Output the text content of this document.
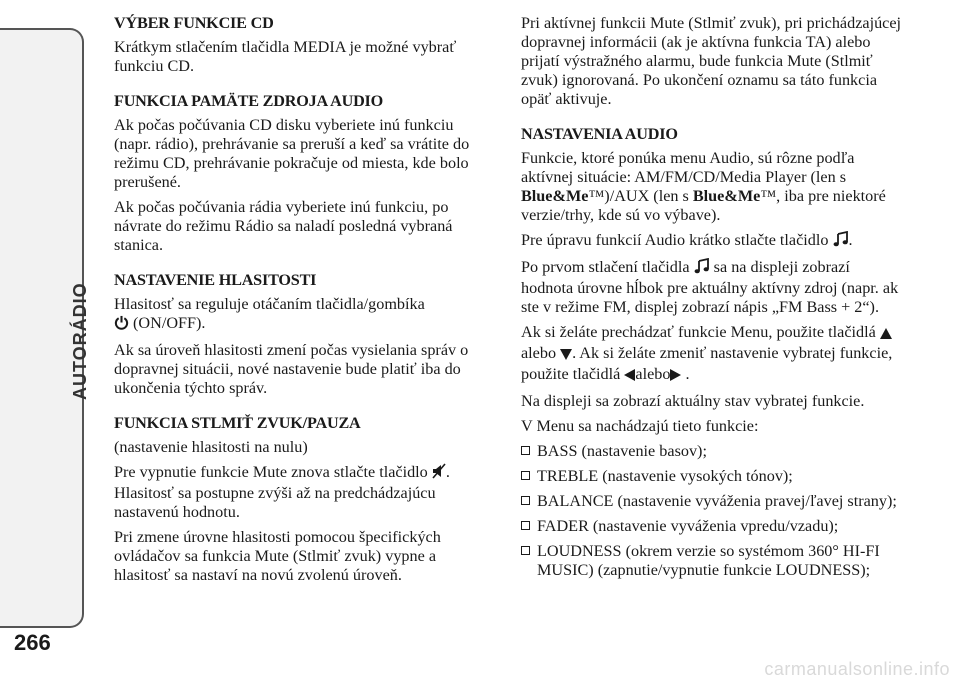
AUTORÁDIO
266
VÝBER FUNKCIE CD

Krátkym stlačením tlačidla MEDIA je možné vybrať funkciu CD.

FUNKCIA PAMÄTE ZDROJA AUDIO

Ak počas počúvania CD disku vyberiete inú funkciu (napr. rádio), prehrávanie sa preruší a keď sa vrátite do režimu CD, prehrávanie pokračuje od miesta, kde bolo prerušené.

Ak počas počúvania rádia vyberiete inú funkciu, po návrate do režimu Rádio sa naladí posledná vybraná stanica.

NASTAVENIE HLASITOSTI

Hlasitosť sa reguluje otáčaním tlačidla/gombíka
(ON/OFF).

Ak sa úroveň hlasitosti zmení počas vysielania správ o dopravnej situácii, nové nastavenie bude platiť iba do ukončenia týchto správ.

FUNKCIA STLMIŤ ZVUK/PAUZA

(nastavenie hlasitosti na nulu)

Pre vypnutie funkcie Mute znova stlačte tlačidlo . Hlasitosť sa postupne zvýši až na predchádzajúcu nastavenú hodnotu.

Pri zmene úrovne hlasitosti pomocou špecifických ovládačov sa funkcia Mute (Stlmiť zvuk) vypne a hlasitosť sa nastaví na novú zvolenú úroveň.

Pri aktívnej funkcii Mute (Stlmiť zvuk), pri prichádzajúcej dopravnej informácii (ak je aktívna funkcia TA) alebo prijatí výstražného alarmu, bude funkcia Mute (Stlmiť zvuk) ignorovaná. Po ukončení oznamu sa táto funkcia opäť aktivuje.

NASTAVENIA AUDIO

Funkcie, ktoré ponúka menu Audio, sú rôzne podľa aktívnej situácie: AM/FM/CD/Media Player (len s
Blue&Me™)/AUX (len s Blue&Me™, iba pre niektoré verzie/trhy, kde sú vo výbave).

Pre úpravu funkcií Audio krátko stlačte tlačidlo .

Po prvom stlačení tlačidla sa na displeji zobrazí hodnota úrovne hĺbok pre aktuálny aktívny zdroj (napr. ak ste v režime FM, displej zobrazí nápis „FM Bass + 2“).

Ak si želáte prechádzať funkcie Menu, použite tlačidlá alebo . Ak si želáte zmeniť nastavenie vybratej funkcie, použite tlačidlá alebo .

Na displeji sa zobrazí aktuálny stav vybratej funkcie.

V Menu sa nachádzajú tieto funkcie:

BASS (nastavenie basov);
TREBLE (nastavenie vysokých tónov);
BALANCE (nastavenie vyváženia pravej/ľavej strany);
FADER (nastavenie vyváženia vpredu/vzadu);
LOUDNESS (okrem verzie so systémom 360° HI-FI MUSIC) (zapnutie/vypnutie funkcie LOUDNESS);
carmanualsonline.info
